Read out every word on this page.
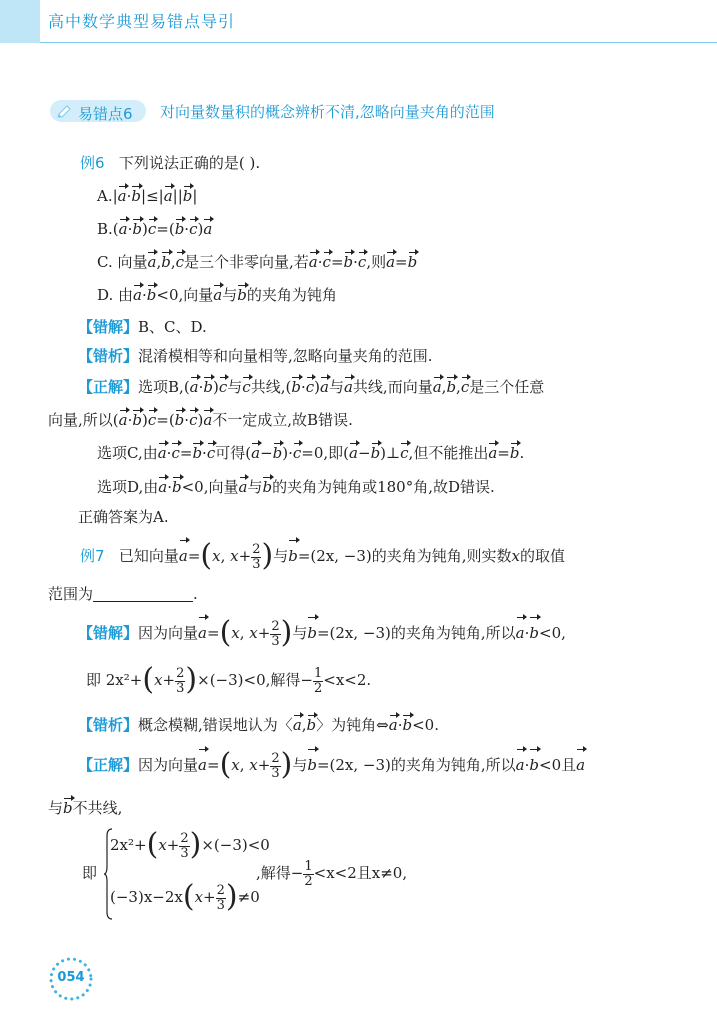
高中数学典型易错点导引
易错点6 对向量数量积的概念辨析不清,忽略向量夹角的范围
例6 下列说法正确的是( ).
A.|a·b|≤|a||b|
B.(a·b)c=(b·c)a
C. 向量a,b,c是三个非零向量,若a·c=b·c,则a=b
D. 由a·b<0,向量a与b的夹角为钝角
【错解】B、C、D.
【错析】混淆模相等和向量相等,忽略向量夹角的范围.
【正解】选项B,(a·b)c与c共线,(b·c)a与a共线,而向量a,b,c是三个任意
向量,所以(a·b)c=(b·c)a不一定成立,故B错误.
选项C,由a·c=b·c可得(a−b)·c=0,即(a−b)⊥c,但不能推出a=b.
选项D,由a·b<0,向量a与b的夹角为钝角或180°角,故D错误.
正确答案为A.
例7 已知向量a=(x, $x+ \frac{2}{3}$ )与b=(2x, −3)的夹角为钝角,则实数x的取值
范围为	.
【错解】因为向量a=(x, $x+ \frac{2}{3}$ )与b=(2x, −3)的夹角为钝角,所以a·b<0,
即 $2x^2+(x+ \frac{2}{3} )\times(-3)<0$,解得− $\frac{1}{2} <x<2$.
【错析】概念模糊,错误地认为〈a,b〉为钝角⇔a·b<0.
【正解】因为向量a=(x, $x+ \frac{2}{3}$ )与b=(2x, −3)的夹角为钝角,所以a·b<0且a
与b不共线,
即
$2x^2+(x+ \frac{2}{3} )\times(-3)<0$
$(-3)x-2x(x+ \frac{2}{3} )\ne 0$
,解得− $\frac{1}{2} <x<2$且x≠0,
054
